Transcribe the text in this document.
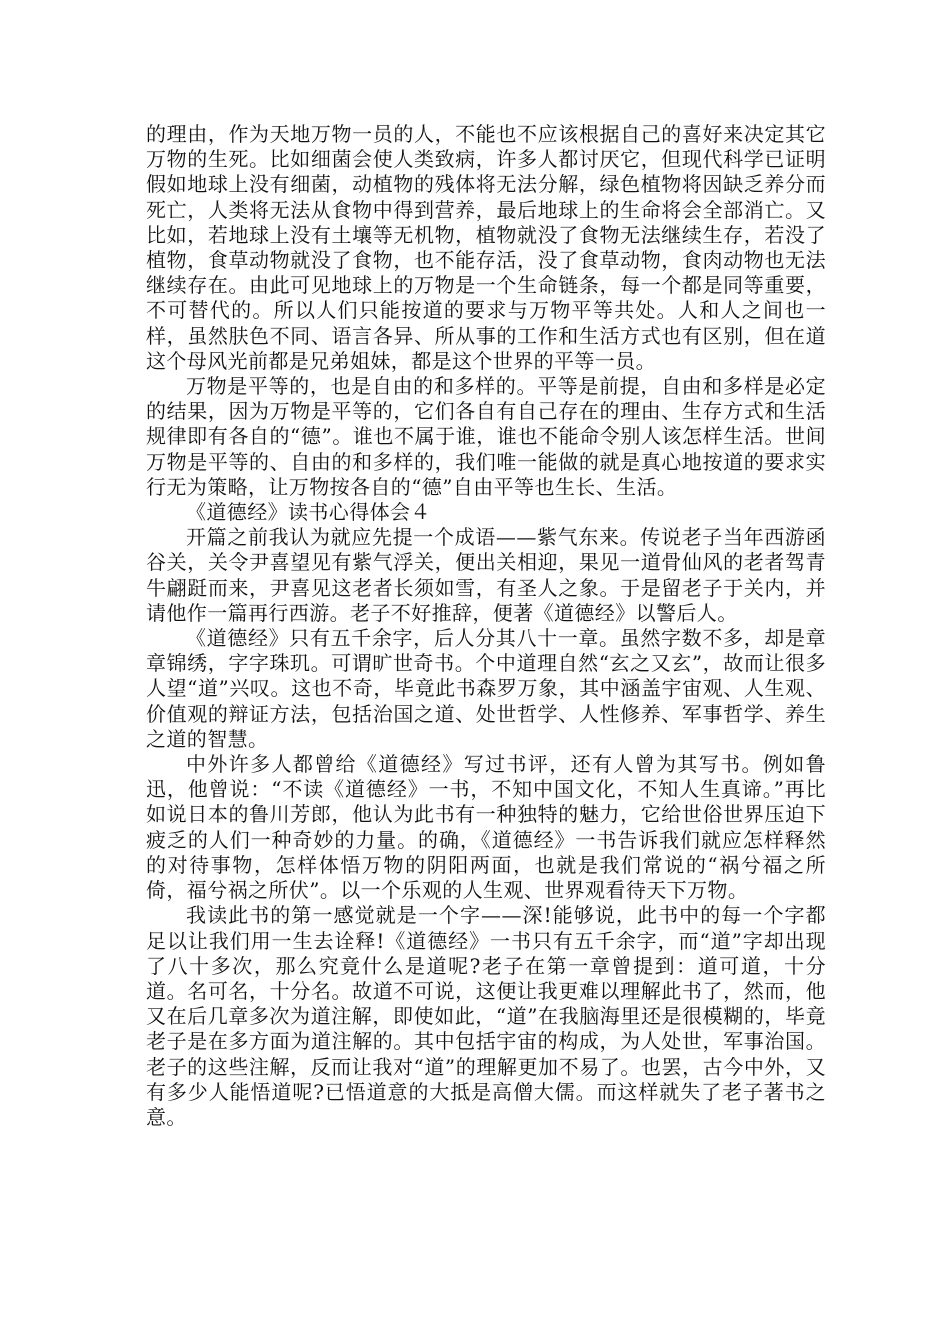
的理由，作为天地万物一员的人，不能也不应该根据自己的喜好来决定其它万物的生死。比如细菌会使人类致病，许多人都讨厌它，但现代科学已证明假如地球上没有细菌，动植物的残体将无法分解，绿色植物将因缺乏养分而死亡，人类将无法从食物中得到营养，最后地球上的生命将会全部消亡。又比如，若地球上没有土壤等无机物，植物就没了食物无法继续生存，若没了植物，食草动物就没了食物，也不能存活，没了食草动物，食肉动物也无法继续存在。由此可见地球上的万物是一个生命链条，每一个都是同等重要，不可替代的。所以人们只能按道的要求与万物平等共处。人和人之间也一样，虽然肤色不同、语言各异、所从事的工作和生活方式也有区别，但在道这个母风光前都是兄弟姐妹，都是这个世界的平等一员。

万物是平等的，也是自由的和多样的。平等是前提，自由和多样是必定的结果，因为万物是平等的，它们各自有自己存在的理由、生存方式和生活规律即有各自的“德”。谁也不属于谁，谁也不能命令别人该怎样生活。世间万物是平等的、自由的和多样的，我们唯一能做的就是真心地按道的要求实行无为策略，让万物按各自的“德”自由平等也生长、生活。

《道德经》读书心得体会４

开篇之前我认为就应先提一个成语——紫气东来。传说老子当年西游函谷关，关令尹喜望见有紫气浮关，便出关相迎，果见一道骨仙风的老者驾青牛翩跹而来，尹喜见这老者长须如雪，有圣人之象。于是留老子于关内，并请他作一篇再行西游。老子不好推辞，便著《道德经》以警后人。

《道德经》只有五千余字，后人分其八十一章。虽然字数不多，却是章章锦绣，字字珠玑。可谓旷世奇书。个中道理自然“玄之又玄”，故而让很多人望“道”兴叹。这也不奇，毕竟此书森罗万象，其中涵盖宇宙观、人生观、价值观的辩证方法，包括治国之道、处世哲学、人性修养、军事哲学、养生之道的智慧。

中外许多人都曾给《道德经》写过书评，还有人曾为其写书。例如鲁迅，他曾说：“不读《道德经》一书，不知中国文化，不知人生真谛。”再比如说日本的鲁川芳郎，他认为此书有一种独特的魅力，它给世俗世界压迫下疲乏的人们一种奇妙的力量。的确，《道德经》一书告诉我们就应怎样释然的对待事物，怎样体悟万物的阴阳两面，也就是我们常说的“祸兮福之所倚，福兮祸之所伏”。以一个乐观的人生观、世界观看待天下万物。

我读此书的第一感觉就是一个字——深!能够说，此书中的每一个字都足以让我们用一生去诠释!《道德经》一书只有五千余字，而“道”字却出现了八十多次，那么究竟什么是道呢?老子在第一章曾提到：道可道，十分道。名可名，十分名。故道不可说，这便让我更难以理解此书了，然而，他又在后几章多次为道注解，即使如此，“道”在我脑海里还是很模糊的，毕竟老子是在多方面为道注解的。其中包括宇宙的构成，为人处世，军事治国。老子的这些注解，反而让我对“道”的理解更加不易了。也罢，古今中外，又有多少人能悟道呢?已悟道意的大抵是高僧大儒。而这样就失了老子著书之意。
